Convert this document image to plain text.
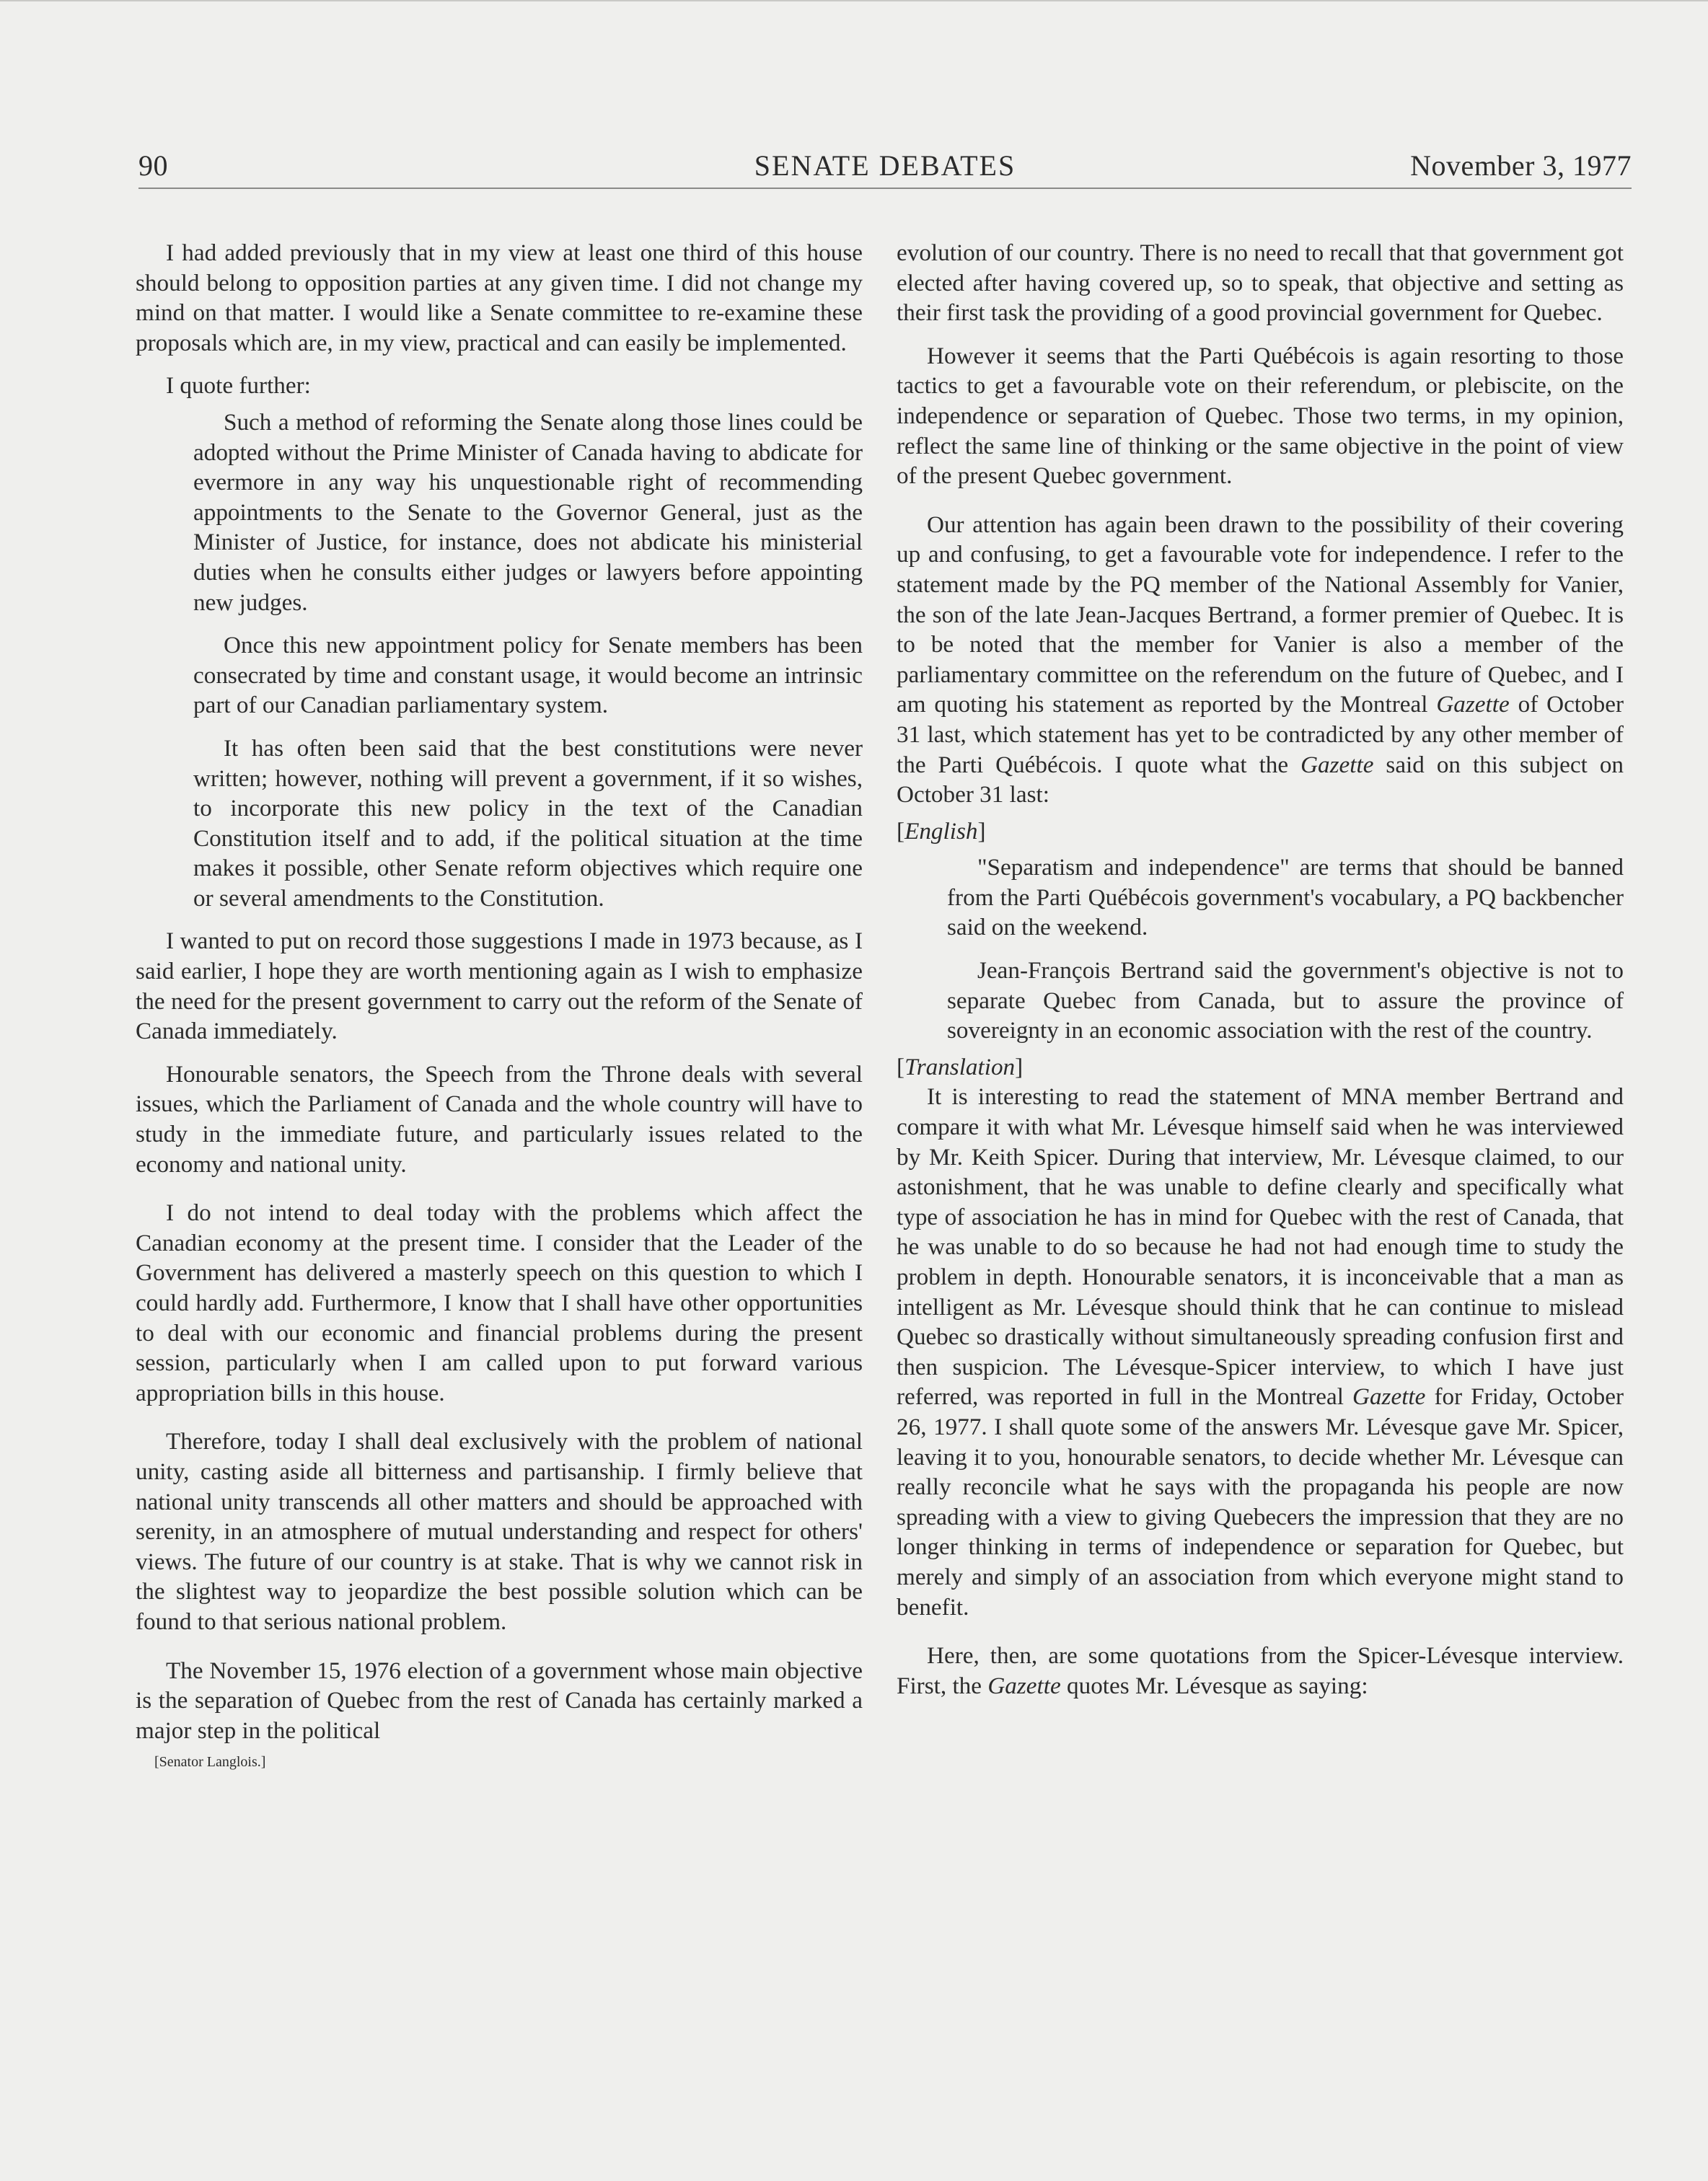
SENATE DEBATES
90	November 3, 1977

I had added previously that in my view at least one third of this house should belong to opposition parties at any given time. I did not change my mind on that matter. I would like a Senate committee to re-examine these proposals which are, in my view, practical and can easily be implemented.

I quote further:

Such a method of reforming the Senate along those lines could be adopted without the Prime Minister of Canada having to abdicate for evermore in any way his unquestionable right of recommending appointments to the Senate to the Governor General, just as the Minister of Justice, for instance, does not abdicate his ministerial duties when he consults either judges or lawyers before appointing new judges.

Once this new appointment policy for Senate members has been consecrated by time and constant usage, it would become an intrinsic part of our Canadian parliamentary system.

It has often been said that the best constitutions were never written; however, nothing will prevent a government, if it so wishes, to incorporate this new policy in the text of the Canadian Constitution itself and to add, if the political situation at the time makes it possible, other Senate reform objectives which require one or several amendments to the Constitution.

I wanted to put on record those suggestions I made in 1973 because, as I said earlier, I hope they are worth mentioning again as I wish to emphasize the need for the present government to carry out the reform of the Senate of Canada immediately.

Honourable senators, the Speech from the Throne deals with several issues, which the Parliament of Canada and the whole country will have to study in the immediate future, and particularly issues related to the economy and national unity.

I do not intend to deal today with the problems which affect the Canadian economy at the present time. I consider that the Leader of the Government has delivered a masterly speech on this question to which I could hardly add. Furthermore, I know that I shall have other opportunities to deal with our economic and financial problems during the present session, particularly when I am called upon to put forward various appropriation bills in this house.

Therefore, today I shall deal exclusively with the problem of national unity, casting aside all bitterness and partisanship. I firmly believe that national unity transcends all other matters and should be approached with serenity, in an atmosphere of mutual understanding and respect for others' views. The future of our country is at stake. That is why we cannot risk in the slightest way to jeopardize the best possible solution which can be found to that serious national problem.

The November 15, 1976 election of a government whose main objective is the separation of Quebec from the rest of Canada has certainly marked a major step in the political

[Senator Langlois.]

evolution of our country. There is no need to recall that that government got elected after having covered up, so to speak, that objective and setting as their first task the providing of a good provincial government for Quebec.

However it seems that the Parti Québécois is again resorting to those tactics to get a favourable vote on their referendum, or plebiscite, on the independence or separation of Quebec. Those two terms, in my opinion, reflect the same line of thinking or the same objective in the point of view of the present Quebec government.

Our attention has again been drawn to the possibility of their covering up and confusing, to get a favourable vote for independence. I refer to the statement made by the PQ member of the National Assembly for Vanier, the son of the late Jean-Jacques Bertrand, a former premier of Quebec. It is to be noted that the member for Vanier is also a member of the parliamentary committee on the referendum on the future of Quebec, and I am quoting his statement as reported by the Montreal Gazette of October 31 last, which statement has yet to be contradicted by any other member of the Parti Québécois. I quote what the Gazette said on this subject on October 31 last:

[English]

"Separatism and independence" are terms that should be banned from the Parti Québécois government's vocabulary, a PQ backbencher said on the weekend.

Jean-François Bertrand said the government's objective is not to separate Quebec from Canada, but to assure the province of sovereignty in an economic association with the rest of the country.

[Translation]

It is interesting to read the statement of MNA member Bertrand and compare it with what Mr. Lévesque himself said when he was interviewed by Mr. Keith Spicer. During that interview, Mr. Lévesque claimed, to our astonishment, that he was unable to define clearly and specifically what type of association he has in mind for Quebec with the rest of Canada, that he was unable to do so because he had not had enough time to study the problem in depth. Honourable senators, it is inconceivable that a man as intelligent as Mr. Lévesque should think that he can continue to mislead Quebec so drastically without simultaneously spreading confusion first and then suspicion. The Lévesque-Spicer interview, to which I have just referred, was reported in full in the Montreal Gazette for Friday, October 26, 1977. I shall quote some of the answers Mr. Lévesque gave Mr. Spicer, leaving it to you, honourable senators, to decide whether Mr. Lévesque can really reconcile what he says with the propaganda his people are now spreading with a view to giving Quebecers the impression that they are no longer thinking in terms of independence or separation for Quebec, but merely and simply of an association from which everyone might stand to benefit.

Here, then, are some quotations from the Spicer-Lévesque interview. First, the Gazette quotes Mr. Lévesque as saying:
